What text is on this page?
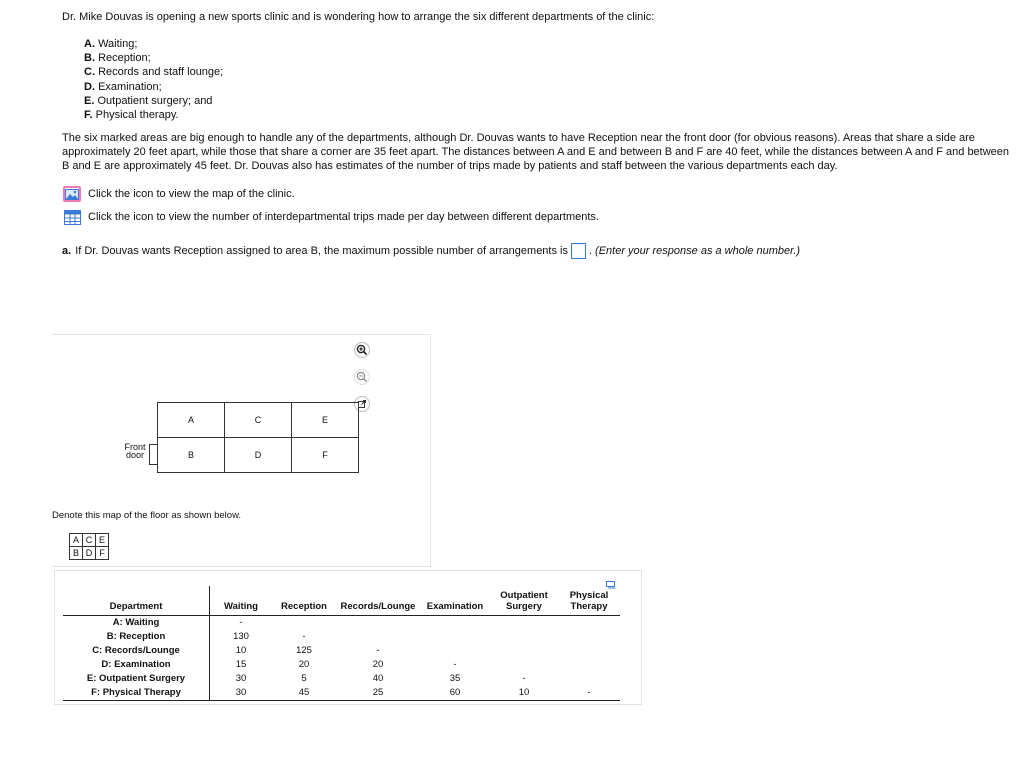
Dr. Mike Douvas is opening a new sports clinic and is wondering how to arrange the six different departments of the clinic:
A. Waiting;
B. Reception;
C. Records and staff lounge;
D. Examination;
E. Outpatient surgery; and
F. Physical therapy.
The six marked areas are big enough to handle any of the departments, although Dr. Douvas wants to have Reception near the front door (for obvious reasons). Areas that share a side are approximately 20 feet apart, while those that share a corner are 35 feet apart. The distances between A and E and between B and F are 40 feet, while the distances between A and F and between B and E are approximately 45 feet. Dr. Douvas also has estimates of the number of trips made by patients and staff between the various departments each day.
Click the icon to view the map of the clinic.
Click the icon to view the number of interdepartmental trips made per day between different departments.
a. If Dr. Douvas wants Reception assigned to area B, the maximum possible number of arrangements is . (Enter your response as a whole number.)
A	C	E
B	D	F
Front door
Denote this map of the floor as shown below.
A	C	E
B	D	F
Department	Waiting	Reception	Records/Lounge	Examination	Outpatient Surgery	Physical Therapy
A: Waiting	-					
B: Reception	130	-				
C: Records/Lounge	10	125	-			
D: Examination	15	20	20	-		
E: Outpatient Surgery	30	5	40	35	-	
F: Physical Therapy	30	45	25	60	10	-
